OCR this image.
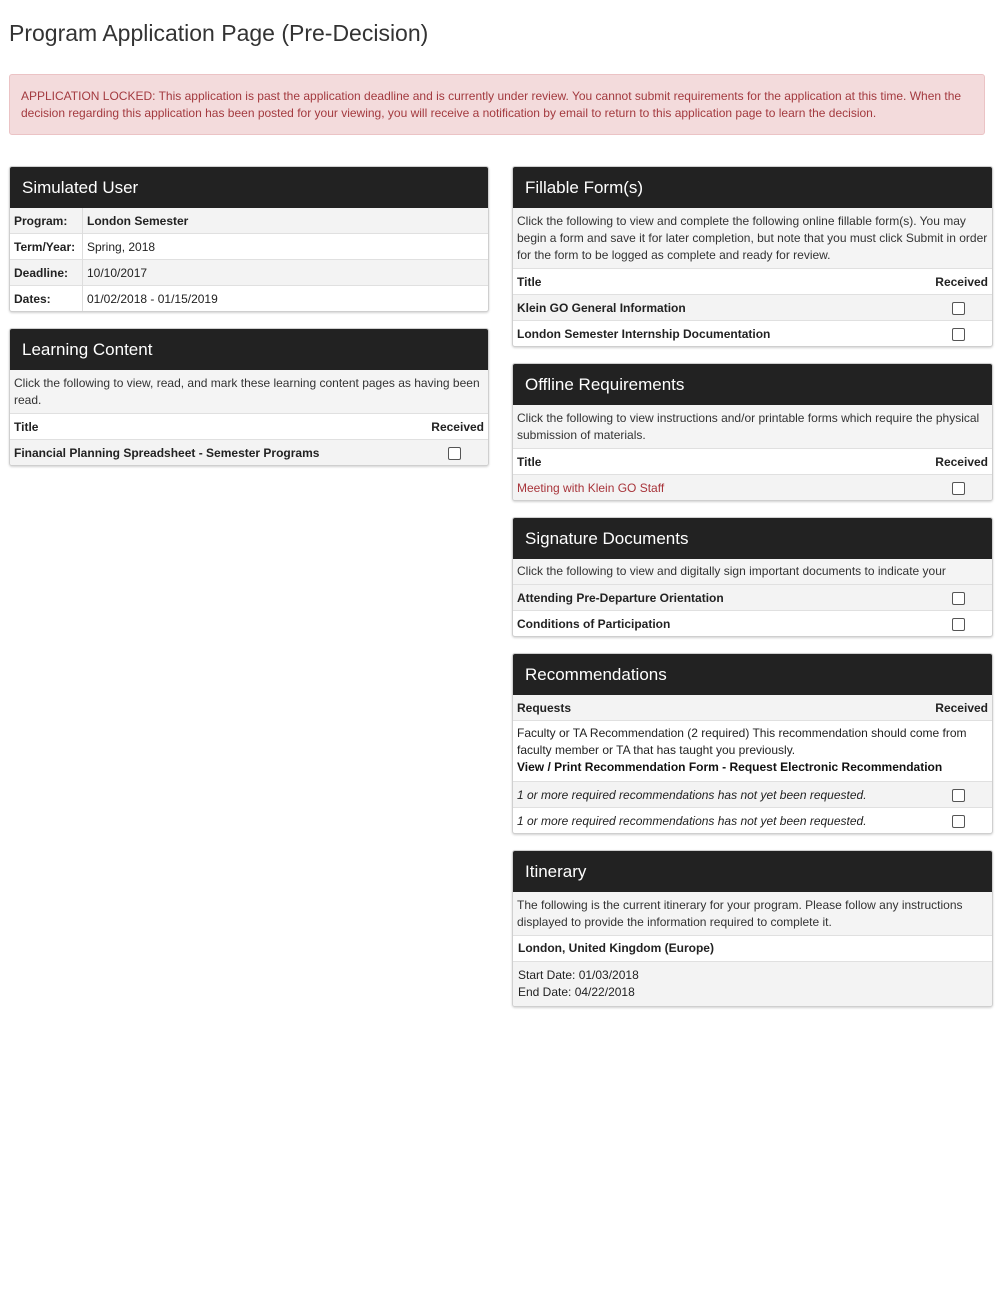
Program Application Page (Pre-Decision)
APPLICATION LOCKED: This application is past the application deadline and is currently under review. You cannot submit requirements for the application at this time. When the decision regarding this application has been posted for your viewing, you will receive a notification by email to return to this application page to learn the decision.
Simulated User
Program:	London Semester
Term/Year:	Spring, 2018
Deadline:	10/10/2017
Dates:	01/02/2018 - 01/15/2019
Learning Content
Click the following to view, read, and mark these learning content pages as having been read.
Title	Received
Financial Planning Spreadsheet - Semester Programs	
Fillable Form(s)
Click the following to view and complete the following online fillable form(s). You may begin a form and save it for later completion, but note that you must click Submit in order for the form to be logged as complete and ready for review.
Title	Received
Klein GO General Information	
London Semester Internship Documentation	
Offline Requirements
Click the following to view instructions and/or printable forms which require the physical submission of materials.
Title	Received
Meeting with Klein GO Staff	
Signature Documents
Click the following to view and digitally sign important documents to indicate your
Attending Pre-Departure Orientation	
Conditions of Participation	
Recommendations
Requests	Received
Faculty or TA Recommendation (2 required) This recommendation should come from faculty member or TA that has taught you previously.
View / Print Recommendation Form - Request Electronic Recommendation
1 or more required recommendations has not yet been requested.	
1 or more required recommendations has not yet been requested.	
Itinerary
The following is the current itinerary for your program. Please follow any instructions displayed to provide the information required to complete it.
London, United Kingdom (Europe)
Start Date: 01/03/2018
End Date: 04/22/2018
